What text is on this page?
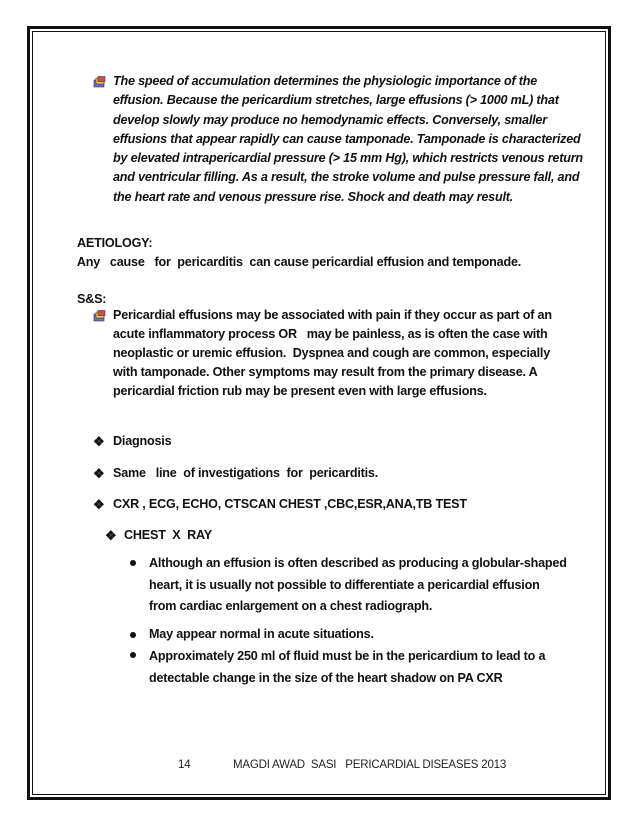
The speed of accumulation determines the physiologic importance of the effusion. Because the pericardium stretches, large effusions (> 1000 mL) that develop slowly may produce no hemodynamic effects. Conversely, smaller effusions that appear rapidly can cause tamponade. Tamponade is characterized by elevated intrapericardial pressure (> 15 mm Hg), which restricts venous return and ventricular filling. As a result, the stroke volume and pulse pressure fall, and the heart rate and venous pressure rise. Shock and death may result.

AETIOLOGY:

Any   cause   for  pericarditis  can cause pericardial effusion and temponade.

S&S:

Pericardial effusions may be associated with pain if they occur as part of an acute inflammatory process OR   may be painless, as is often the case with neoplastic or uremic effusion.  Dyspnea and cough are common, especially with tamponade. Other symptoms may result from the primary disease. A pericardial friction rub may be present even with large effusions.

❖ Diagnosis

❖ Same   line  of investigations  for  pericarditis.

❖ CXR , ECG, ECHO, CTSCAN CHEST ,CBC,ESR,ANA,TB TEST

❖ CHEST  X  RAY

Although an effusion is often described as producing a globular-shaped heart, it is usually not possible to differentiate a pericardial effusion from cardiac enlargement on a chest radiograph.

May appear normal in acute situations.

Approximately 250 ml of fluid must be in the pericardium to lead to a detectable change in the size of the heart shadow on PA CXR

14	MAGDI AWAD  SASI   PERICARDIAL DISEASES 2013
